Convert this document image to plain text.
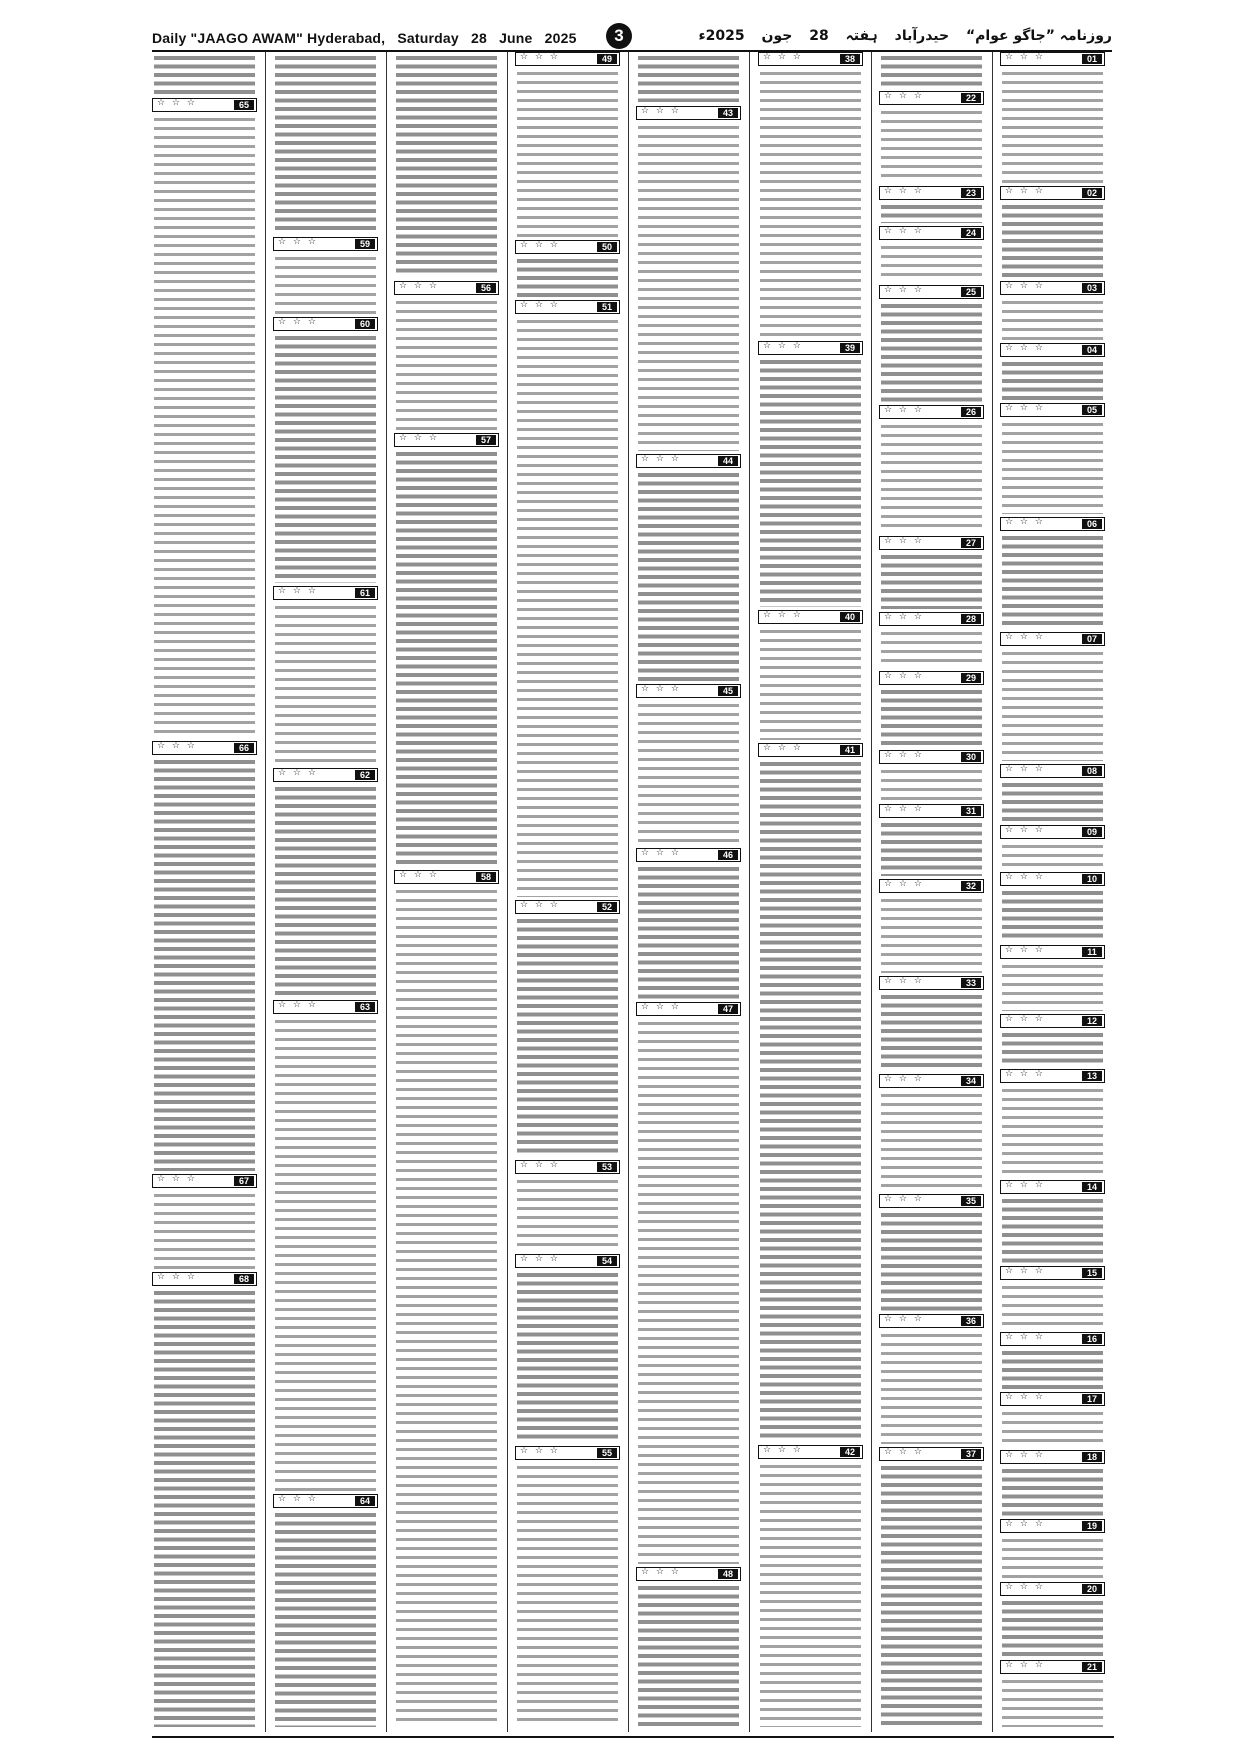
Daily "JAAGO AWAM" Hyderabad, Saturday 28 June 2025	3	روزنامہ ”جاگو عوام“ حیدرآباد ہفتہ 28 جون 2025ء
☆ ☆ ☆	65
☆ ☆ ☆	66
☆ ☆ ☆	67
☆ ☆ ☆	68
☆ ☆ ☆	59
☆ ☆ ☆	60
☆ ☆ ☆	61
☆ ☆ ☆	62
☆ ☆ ☆	63
☆ ☆ ☆	64
☆ ☆ ☆	56
☆ ☆ ☆	57
☆ ☆ ☆	58
☆ ☆ ☆	49
☆ ☆ ☆	50
☆ ☆ ☆	51
☆ ☆ ☆	52
☆ ☆ ☆	53
☆ ☆ ☆	54
☆ ☆ ☆	55
☆ ☆ ☆	43
☆ ☆ ☆	44
☆ ☆ ☆	45
☆ ☆ ☆	46
☆ ☆ ☆	47
☆ ☆ ☆	48
☆ ☆ ☆	38
☆ ☆ ☆	39
☆ ☆ ☆	40
☆ ☆ ☆	41
☆ ☆ ☆	42
☆ ☆ ☆	22
☆ ☆ ☆	23
☆ ☆ ☆	24
☆ ☆ ☆	25
☆ ☆ ☆	26
☆ ☆ ☆	27
☆ ☆ ☆	28
☆ ☆ ☆	29
☆ ☆ ☆	30
☆ ☆ ☆	31
☆ ☆ ☆	32
☆ ☆ ☆	33
☆ ☆ ☆	34
☆ ☆ ☆	35
☆ ☆ ☆	36
☆ ☆ ☆	37
☆ ☆ ☆	01
☆ ☆ ☆	02
☆ ☆ ☆	03
☆ ☆ ☆	04
☆ ☆ ☆	05
☆ ☆ ☆	06
☆ ☆ ☆	07
☆ ☆ ☆	08
☆ ☆ ☆	09
☆ ☆ ☆	10
☆ ☆ ☆	11
☆ ☆ ☆	12
☆ ☆ ☆	13
☆ ☆ ☆	14
☆ ☆ ☆	15
☆ ☆ ☆	16
☆ ☆ ☆	17
☆ ☆ ☆	18
☆ ☆ ☆	19
☆ ☆ ☆	20
☆ ☆ ☆	21
